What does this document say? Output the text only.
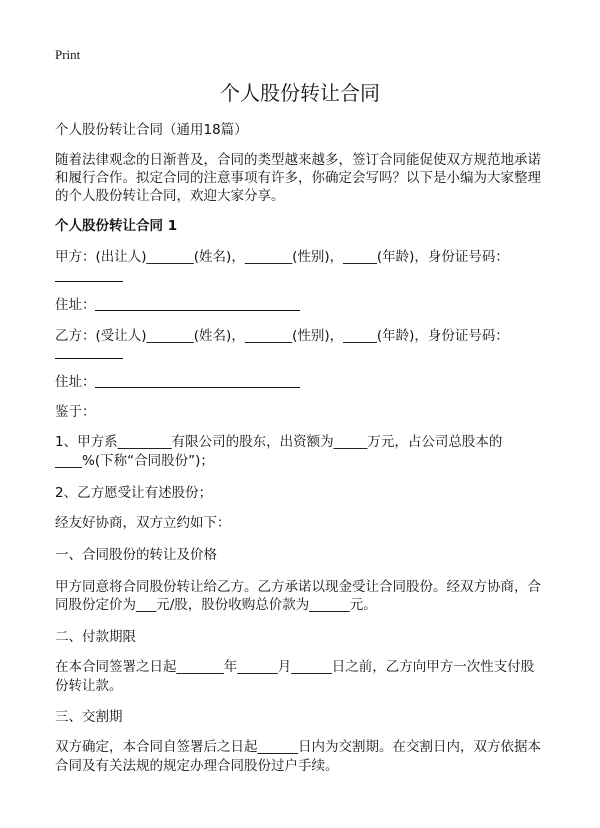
Print
个人股份转让合同
个人股份转让合同（通用18篇）
随着法律观念的日渐普及，合同的类型越来越多，签订合同能促使双方规范地承诺
和履行合作。拟定合同的注意事项有许多，你确定会写吗？以下是小编为大家整理
的个人股份转让合同，欢迎大家分享。
个人股份转让合同 1
甲方：(出让人)_______(姓名)，_______(性别)，_____(年龄)，身份证号码：
住址：
乙方：(受让人)_______(姓名)，_______(性别)，_____(年龄)，身份证号码：
住址：
鉴于：
1、甲方系________有限公司的股东，出资额为_____万元，占公司总股本的
____%(下称“合同股份”)；
2、乙方愿受让有述股份；
经友好协商，双方立约如下：
一、合同股份的转让及价格
甲方同意将合同股份转让给乙方。乙方承诺以现金受让合同股份。经双方协商，合
同股份定价为___元/股，股份收购总价款为______元。
二、付款期限
在本合同签署之日起_______年______月______日之前，乙方向甲方一次性支付股
份转让款。
三、交割期
双方确定，本合同自签署后之日起______日内为交割期。在交割日内，双方依据本
合同及有关法规的规定办理合同股份过户手续。
